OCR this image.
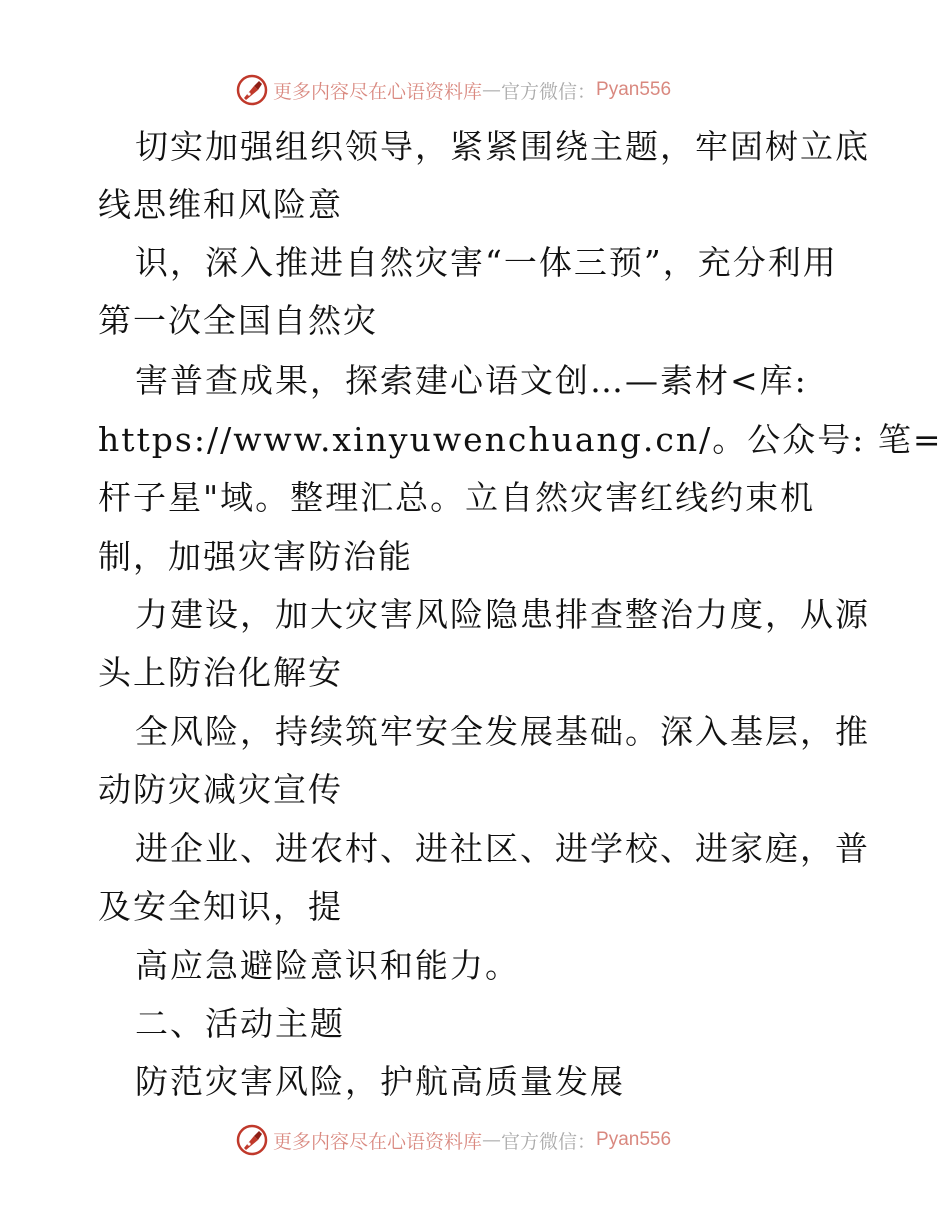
更多内容尽在心语资料库 — 官方微信： Pyan556
切实加强组织领导，紧紧围绕主题，牢固树立底
线思维和风险意
识，深入推进自然灾害“一体三预”，充分利用
第一次全国自然灾
害普查成果，探索建心语文创…—素材<库:
https://www.xinyuwenchuang.cn/。公众号: 笔=
杆子星"域。整理汇总。立自然灾害红线约束机
制，加强灾害防治能
力建设，加大灾害风险隐患排查整治力度，从源
头上防治化解安
全风险，持续筑牢安全发展基础。深入基层，推
动防灾减灾宣传
进企业、进农村、进社区、进学校、进家庭，普
及安全知识，提
高应急避险意识和能力。
二、活动主题
防范灾害风险，护航高质量发展
更多内容尽在心语资料库 — 官方微信： Pyan556
